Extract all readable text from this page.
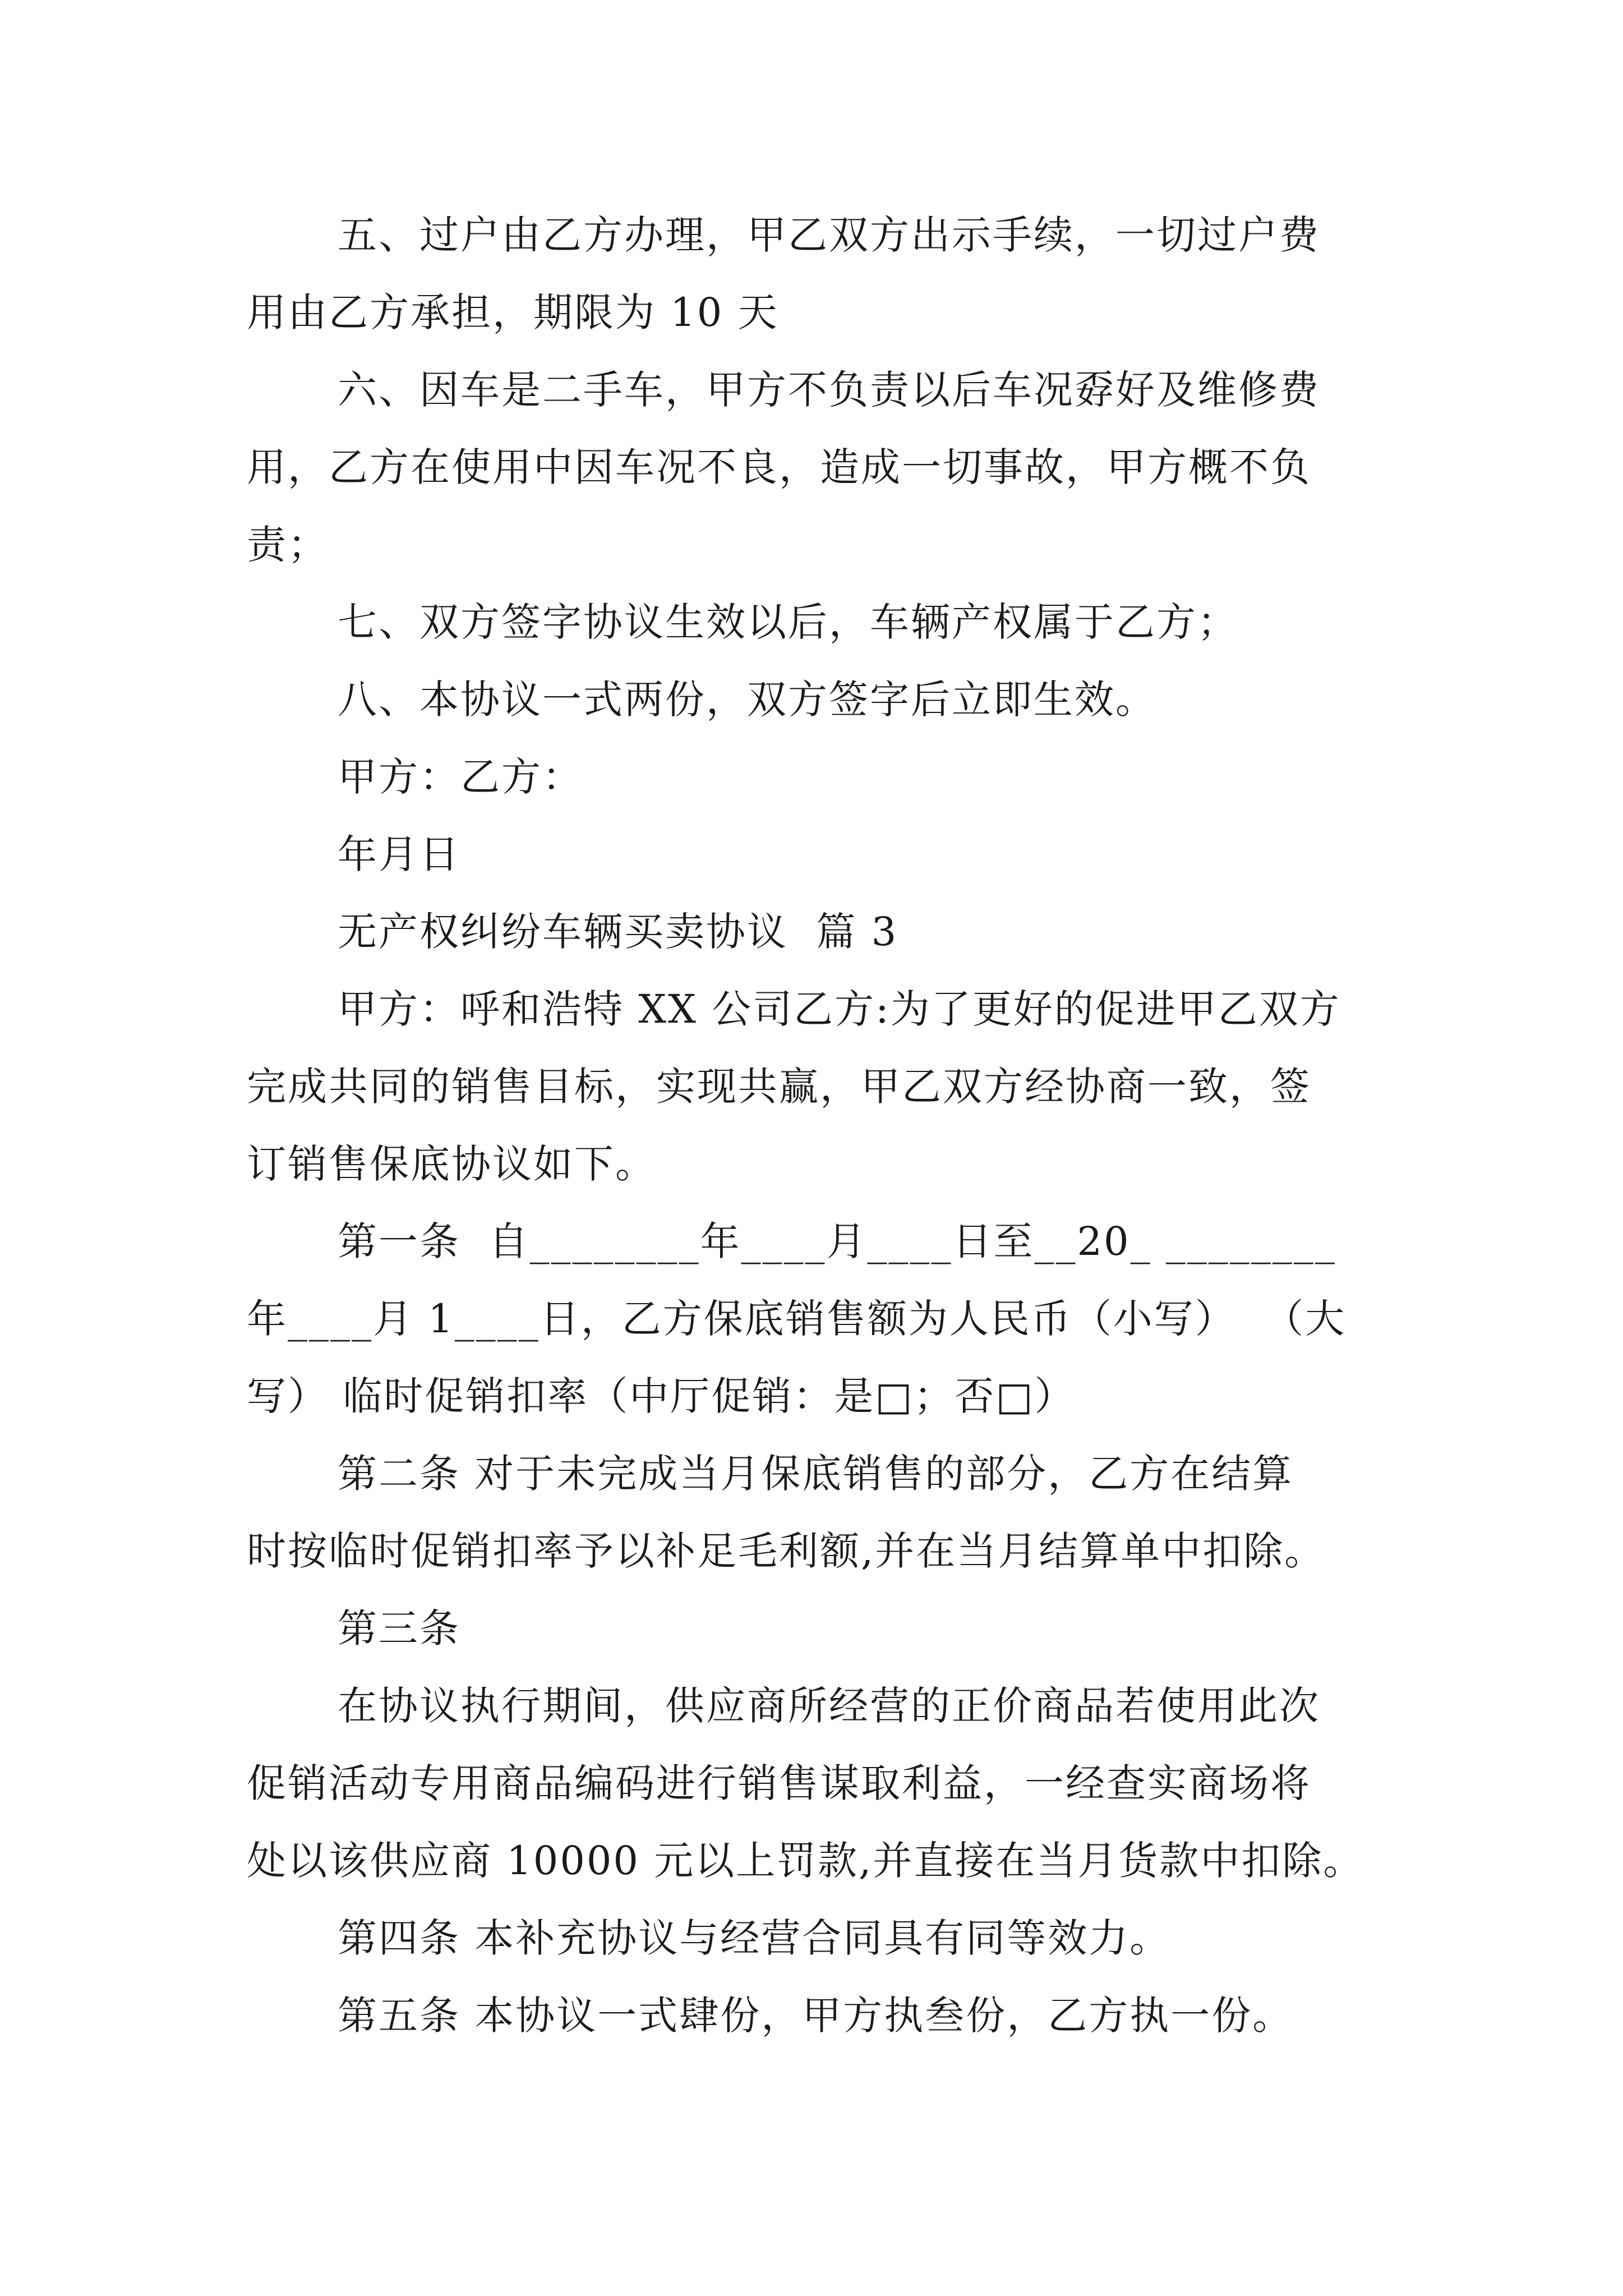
五、过户由乙方办理，甲乙双方出示手续，一切过户费
用由乙方承担，期限为 10 天
六、因车是二手车，甲方不负责以后车况孬好及维修费
用，乙方在使用中因车况不良，造成一切事故，甲方概不负
责；
七、双方签字协议生效以后，车辆产权属于乙方；
八、本协议一式两份，双方签字后立即生效。
甲方：乙方：
年月日
无产权纠纷车辆买卖协议  篇 3
甲方：呼和浩特 XX 公司乙方:为了更好的促进甲乙双方
完成共同的销售目标，实现共赢，甲乙双方经协商一致，签
订销售保底协议如下。
第一条  自________年____月____日至__20_ ________
年____月 1____日，乙方保底销售额为人民币（小写）  （大
写） 临时促销扣率（中厅促销：是□；否□）
第二条 对于未完成当月保底销售的部分，乙方在结算
时按临时促销扣率予以补足毛利额,并在当月结算单中扣除。
第三条
在协议执行期间，供应商所经营的正价商品若使用此次
促销活动专用商品编码进行销售谋取利益，一经查实商场将
处以该供应商 10000 元以上罚款,并直接在当月货款中扣除。
第四条 本补充协议与经营合同具有同等效力。
第五条 本协议一式肆份，甲方执叁份，乙方执一份。
